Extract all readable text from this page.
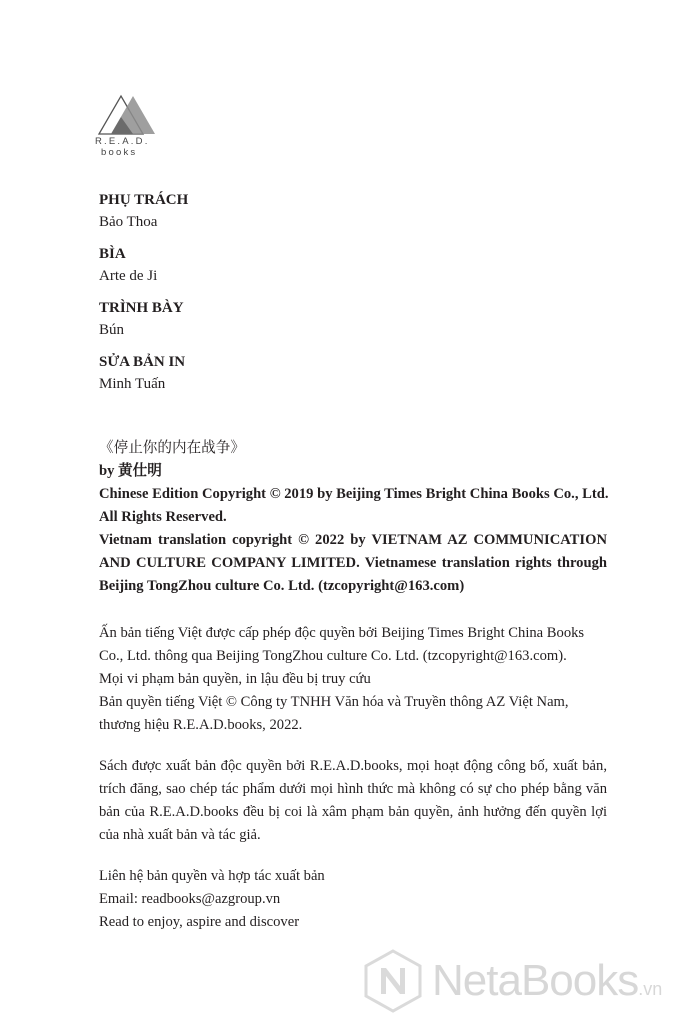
R.E.A.D.
books
PHỤ TRÁCH
Bảo Thoa
BÌA
Arte de Ji
TRÌNH BÀY
Bún
SỬA BẢN IN
Minh Tuấn
《停止你的内在战争》
by 黄仕明
Chinese Edition Copyright © 2019 by Beijing Times Bright China Books Co., Ltd.
All Rights Reserved.
Vietnam translation copyright © 2022 by VIETNAM AZ COMMUNICATION
AND CULTURE COMPANY LIMITED. Vietnamese translation rights through
Beijing TongZhou culture Co. Ltd. (tzcopyright@163.com)
Ấn bản tiếng Việt được cấp phép độc quyền bởi Beijing Times Bright China Books
Co., Ltd. thông qua Beijing TongZhou culture Co. Ltd. (tzcopyright@163.com).
Mọi vi phạm bản quyền, in lậu đều bị truy cứu
Bản quyền tiếng Việt © Công ty TNHH Văn hóa và Truyền thông AZ Việt Nam,
thương hiệu R.E.A.D.books, 2022.
Sách được xuất bản độc quyền bởi R.E.A.D.books, mọi hoạt động công bố, xuất bản, trích đăng, sao chép tác phẩm dưới mọi hình thức mà không có sự cho phép bằng văn bản của R.E.A.D.books đều bị coi là xâm phạm bản quyền, ảnh hưởng đến quyền lợi của nhà xuất bản và tác giả.
Liên hệ bản quyền và hợp tác xuất bản
Email: readbooks@azgroup.vn
Read to enjoy, aspire and discover
NetaBooks.vn
